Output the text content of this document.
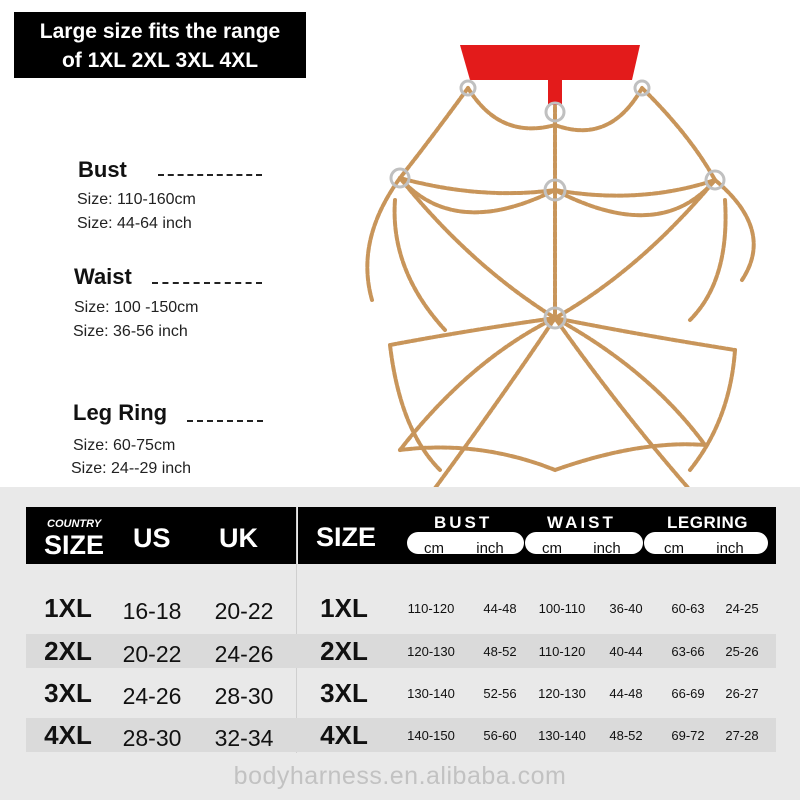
Large size fits the range
of 1XL 2XL 3XL 4XL
Bust
Size: 110-160cm
Size: 44-64 inch
Waist
Size: 100 -150cm
Size: 36-56 inch
Leg Ring
Size: 60-75cm
Size: 24--29 inch
COUNTRY
SIZE US UK SIZE	BUST	WAIST	LEGRING
cm	inch	cm	inch	cm	inch
1XL	16-18	20-22	1XL	110-120	44-48	100-110	36-40	60-63	24-25
2XL	20-22	24-26	2XL	120-130	48-52	110-120	40-44	63-66	25-26
3XL	24-26	28-30	3XL	130-140	52-56	120-130	44-48	66-69	26-27
4XL	28-30	32-34	4XL	140-150	56-60	130-140	48-52	69-72	27-28
bodyharness.en.alibaba.com
